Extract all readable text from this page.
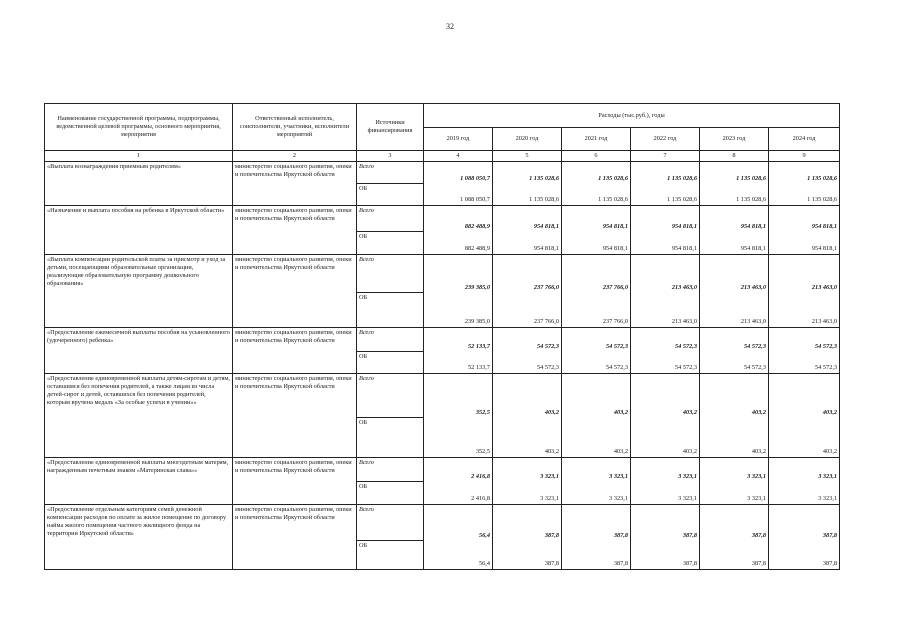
32
Наименование государственной программы, подпрограммы, ведомственной целевой программы, основного мероприятия, мероприятия	Ответственный исполнитель, соисполнители, участники, исполнители мероприятий	Источники финансирования	Расходы (тыс.руб.), годы					
			2019 год	2020 год	2021 год	2022 год	2023 год	2024 год
1	2	3	4	5	6	7	8	9
«Выплата вознаграждения приемным родителям»	министерство социального развития, опеки и попечительства Иркутской области	Всего	1 088 050,7	1 135 028,6	1 135 028,6	1 135 028,6	1 135 028,6	1 135 028,6
		ОБ	1 088 050,7	1 135 028,6	1 135 028,6	1 135 028,6	1 135 028,6	1 135 028,6
«Назначение и выплата пособия на ребенка в Иркутской области»	министерство социального развития, опеки и попечительства Иркутской области	Всего	882 488,9	954 818,1	954 818,1	954 818,1	954 818,1	954 818,1
		ОБ	882 488,9	954 818,1	954 818,1	954 818,1	954 818,1	954 818,1
«Выплата компенсации родительской платы за присмотр и уход за детьми, посещающими образовательные организации, реализующие образовательную программу дошкольного образования»	министерство социального развития, опеки и попечительства Иркутской области	Всего	239 385,0	237 766,0	237 766,0	213 463,0	213 463,0	213 463,0
		ОБ	239 385,0	237 766,0	237 766,0	213 463,0	213 463,0	213 463,0
«Предоставление ежемесячной выплаты пособия на усыновленного (удочеренного) ребенка»	министерство социального развития, опеки и попечительства Иркутской области	Всего	52 133,7	54 572,3	54 572,3	54 572,3	54 572,3	54 572,3
		ОБ	52 133,7	54 572,3	54 572,3	54 572,3	54 572,3	54 572,3
«Предоставление единовременной выплаты детям-сиротам и детям, оставшимся без попечения родителей, а также лицам из числа детей-сирот и детей, оставшихся без попечения родителей, которым вручена медаль «За особые успехи в учении»»	министерство социального развития, опеки и попечительства Иркутской области	Всего	352,5	403,2	403,2	403,2	403,2	403,2
		ОБ	352,5	403,2	403,2	403,2	403,2	403,2
«Предоставление единовременной выплаты многодетным матерям, награжденным почетным знаком «Материнская слава»»	министерство социального развития, опеки и попечительства Иркутской области	Всего	2 416,8	3 323,1	3 323,1	3 323,1	3 323,1	3 323,1
		ОБ	2 416,8	3 323,1	3 323,1	3 323,1	3 323,1	3 323,1
«Предоставление отдельным категориям семей денежной компенсации расходов по оплате за жилое помещение по договору найма жилого помещения частного жилищного фонда на территории Иркутской области»	министерство социального развития, опеки и попечительства Иркутской области	Всего	56,4	387,8	387,8	387,8	387,8	387,8
		ОБ	56,4	387,8	387,8	387,8	387,8	387,8
